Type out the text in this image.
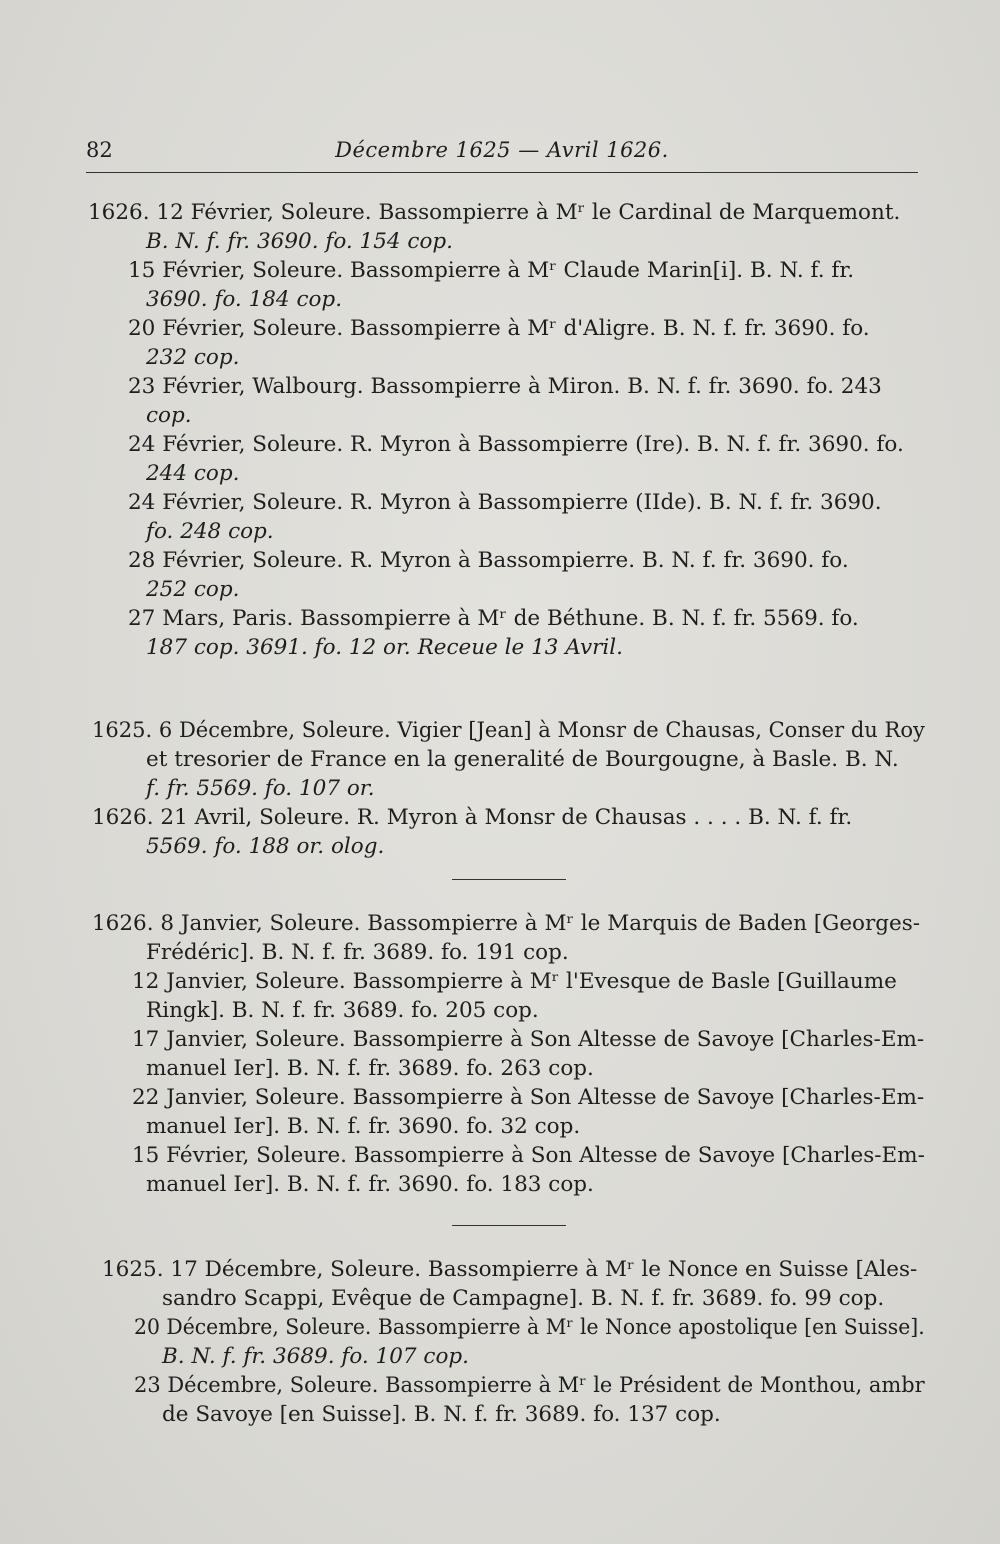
82	Décembre 1625 — Avril 1626.
1626. 12 Février, Soleure. Bassompierre à Mʳ le Cardinal de Marquemont.
B. N. f. fr. 3690. fo. 154 cop.
15 Février, Soleure. Bassompierre à Mʳ Claude Marin[i]. B. N. f. fr.
3690. fo. 184 cop.
20 Février, Soleure. Bassompierre à Mʳ d'Aligre. B. N. f. fr. 3690. fo.
232 cop.
23 Février, Walbourg. Bassompierre à Miron. B. N. f. fr. 3690. fo. 243
cop.
24 Février, Soleure. R. Myron à Bassompierre (Ire). B. N. f. fr. 3690. fo.
244 cop.
24 Février, Soleure. R. Myron à Bassompierre (IIde). B. N. f. fr. 3690.
fo. 248 cop.
28 Février, Soleure. R. Myron à Bassompierre. B. N. f. fr. 3690. fo.
252 cop.
27 Mars, Paris. Bassompierre à Mʳ de Béthune. B. N. f. fr. 5569. fo.
187 cop. 3691. fo. 12 or. Receue le 13 Avril.
1625. 6 Décembre, Soleure. Vigier [Jean] à Monsr de Chausas, Conser du Roy
et tresorier de France en la generalité de Bourgougne, à Basle. B. N.
f. fr. 5569. fo. 107 or.
1626. 21 Avril, Soleure. R. Myron à Monsr de Chausas . . . . B. N. f. fr.
5569. fo. 188 or. olog.
1626. 8 Janvier, Soleure. Bassompierre à Mʳ le Marquis de Baden [Georges-
Frédéric]. B. N. f. fr. 3689. fo. 191 cop.
12 Janvier, Soleure. Bassompierre à Mʳ l'Evesque de Basle [Guillaume
Ringk]. B. N. f. fr. 3689. fo. 205 cop.
17 Janvier, Soleure. Bassompierre à Son Altesse de Savoye [Charles-Em-
manuel Ier]. B. N. f. fr. 3689. fo. 263 cop.
22 Janvier, Soleure. Bassompierre à Son Altesse de Savoye [Charles-Em-
manuel Ier]. B. N. f. fr. 3690. fo. 32 cop.
15 Février, Soleure. Bassompierre à Son Altesse de Savoye [Charles-Em-
manuel Ier]. B. N. f. fr. 3690. fo. 183 cop.
1625. 17 Décembre, Soleure. Bassompierre à Mʳ le Nonce en Suisse [Ales-
sandro Scappi, Evêque de Campagne]. B. N. f. fr. 3689. fo. 99 cop.
20 Décembre, Soleure. Bassompierre à Mʳ le Nonce apostolique [en Suisse].
B. N. f. fr. 3689. fo. 107 cop.
23 Décembre, Soleure. Bassompierre à Mʳ le Président de Monthou, ambr
de Savoye [en Suisse]. B. N. f. fr. 3689. fo. 137 cop.
